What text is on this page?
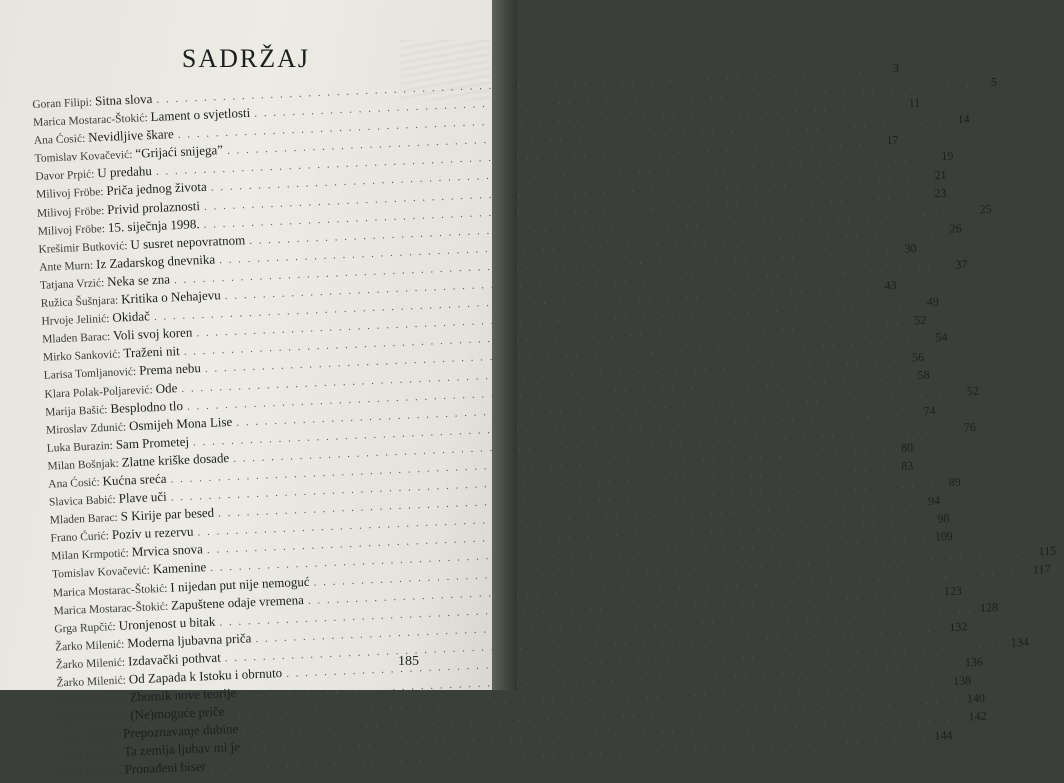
SADRŽAJ
Goran Filipi: Sitna slova
. . .
3
Marica Mostarac-Štokić: Lament o svjetlosti
. . .
5
Ana Ćosić: Nevidljive škare
. . .
11
Tomislav Kovačević: “Grijaći snijega”
. . .
14
Davor Prpić: U predahu
. . .
17
Milivoj Fröbe: Priča jednog života
. . .
19
Milivoj Fröbe: Privid prolaznosti
. . .
21
Milivoj Fröbe: 15. siječnja 1998.
. . .
23
Krešimir Butković: U susret nepovratnom
. . .
25
Ante Murn: Iz Zadarskog dnevnika
. . .
26
Tatjana Vrzić: Neka se zna
. . .
30
Ružica Šušnjara: Kritika o Nehajevu
. . .
37
Hrvoje Jelinić: Okidač
. . .
43
Mladen Barac: Voli svoj koren
. . .
49
Mirko Sanković: Traženi nit
. . .
52
Larisa Tomljanović: Prema nebu
. . .
54
Klara Polak-Poljarević: Ode
. . .
56
Marija Bašić: Besplodno tlo
. . .
58
Miroslav Zdunić: Osmijeh Mona Lise
. . .
52
Luka Burazin: Sam Prometej
. . .
74
Milan Bošnjak: Zlatne kriške dosade
. . .
76
Ana Ćosić: Kućna sreća
. . .
80
Slavica Babić: Plave uči
. . .
83
Mladen Barac: S Kirije par besed
. . .
89
Frano Ćurić: Poziv u rezervu
. . .
94
Milan Krmpotić: Mrvica snova
. . .
98
Tomislav Kovačević: Kamenine
. . .
109
Marica Mostarac-Štokić: I nijedan put nije nemoguć
. . .
115
Marica Mostarac-Štokić: Zapuštene odaje vremena
. . .
117
Grga Rupčić: Uronjenost u bitak
. . .
123
Žarko Milenić: Moderna ljubavna priča
. . .
128
Žarko Milenić: Izdavački pothvat
. . .
132
Žarko Milenić: Od Zapada k Istoku i obrnuto
. . .
134
Žarko Milenić: Zbornik nove teorije
. . .
136
Žarko Milenić: (Ne)moguće priče
. . .
138
Grga Rupčić: Prepoznavanje dubine
. . .
140
Grga Rupčić: Ta zemlja ljubav mi je
. . .
142
Grga Rupčić: Pronađeni biser
. . .
144
185
